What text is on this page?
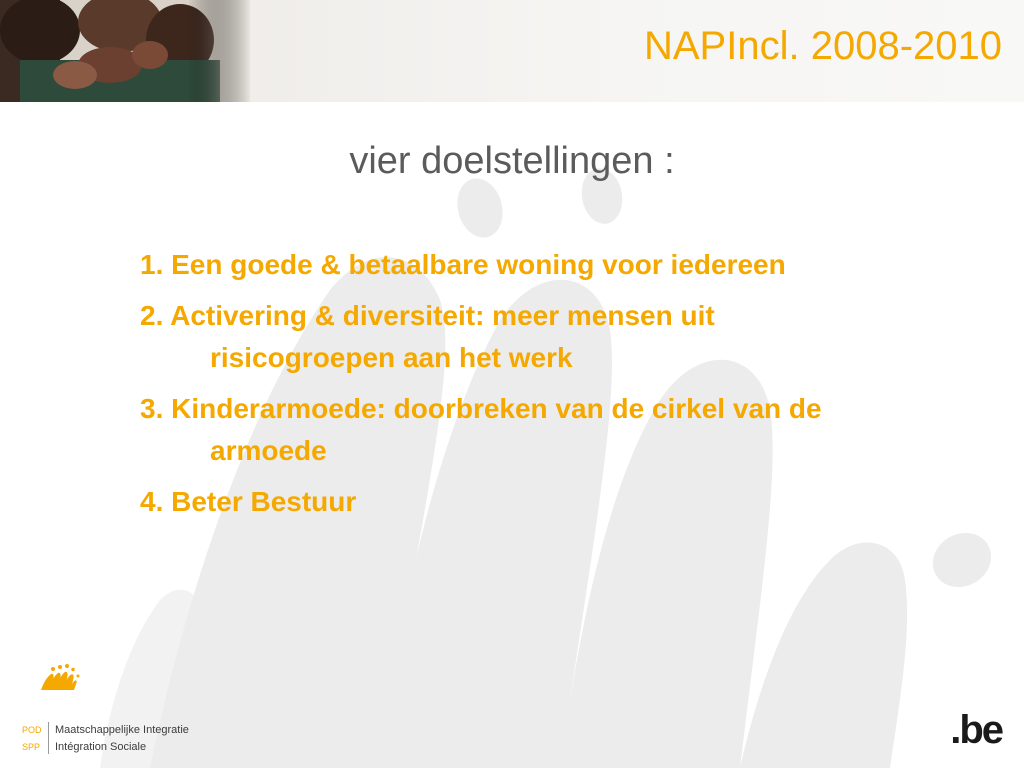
NAPIncl. 2008-2010
vier doelstellingen :
1. Een goede & betaalbare woning voor iedereen
2. Activering & diversiteit: meer mensen uit risicogroepen aan het werk
3. Kinderarmoede: doorbreken van de cirkel van de armoede
4. Beter Bestuur
POD
SPP
Maatschappelijke Integratie
Intégration Sociale	.be
